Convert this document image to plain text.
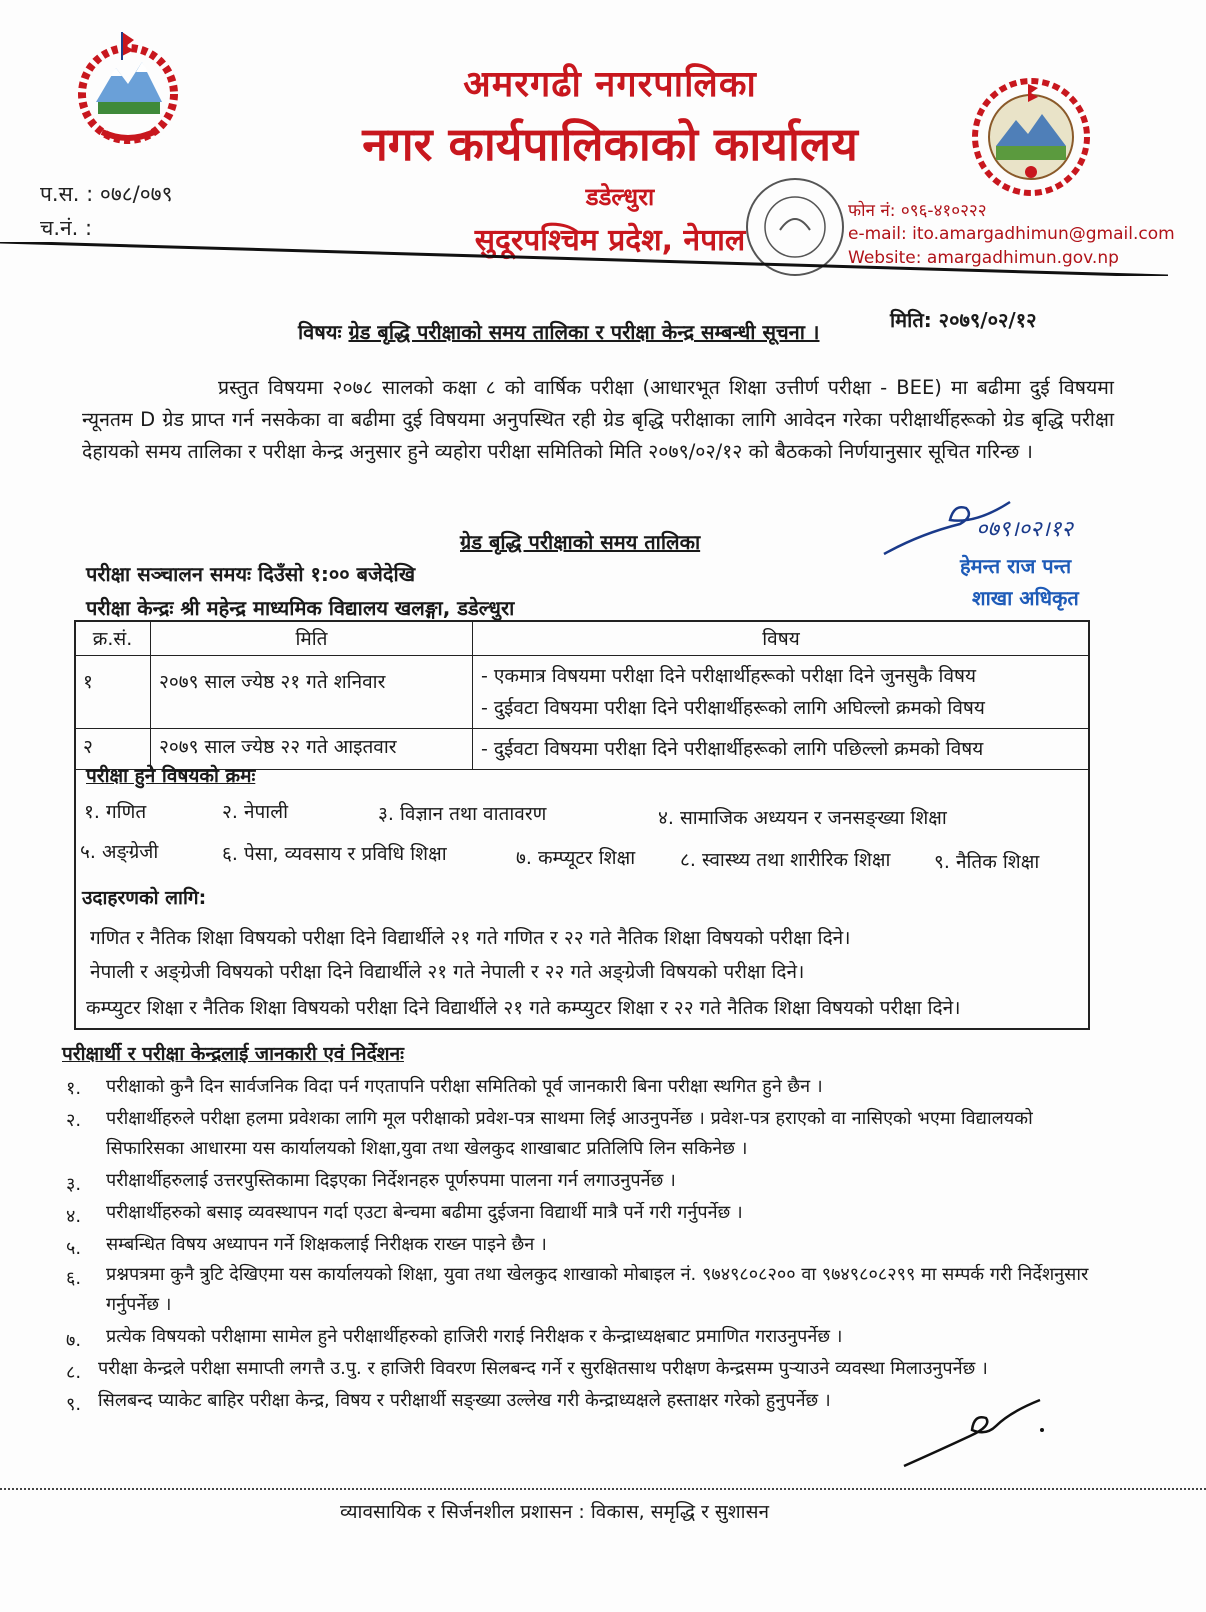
अमरगढी नगरपालिका
नगर कार्यपालिकाको कार्यालय
डडेल्धुरा
सुदूरपश्चिम प्रदेश, नेपाल
प.स. : ०७८/०७९
च.नं. :
फोन नं: ०९६-४१०२२२
e-mail: ito.amargadhimun@gmail.com
Website: amargadhimun.gov.np
मिति: २०७९/०२/१२
विषयः ग्रेड बृद्धि परीक्षाको समय तालिका र परीक्षा केन्द्र सम्बन्धी सूचना ।

प्रस्तुत विषयमा २०७८ सालको कक्षा ८ को वार्षिक परीक्षा (आधारभूत शिक्षा उत्तीर्ण परीक्षा - BEE) मा बढीमा दुई विषयमा न्यूनतम D ग्रेड प्राप्त गर्न नसकेका वा बढीमा दुई विषयमा अनुपस्थित रही ग्रेड बृद्धि परीक्षाका लागि आवेदन गरेका परीक्षार्थीहरूको ग्रेड बृद्धि परीक्षा देहायको समय तालिका र परीक्षा केन्द्र अनुसार हुने व्यहोरा परीक्षा समितिको मिति २०७९/०२/१२ को बैठकको निर्णयानुसार सूचित गरिन्छ ।

ग्रेड बृद्धि परीक्षाको समय तालिका
परीक्षा सञ्चालन समयः दिउँसो १:०० बजेदेखि
परीक्षा केन्द्रः श्री महेन्द्र माध्यमिक विद्यालय खलङ्गा, डडेल्धुरा
०७९।०२।१२
हेमन्त राज पन्त
शाखा अधिकृत
क्र.सं.	मिति	विषय
१	२०७९ साल ज्येष्ठ २१ गते शनिवार	- एकमात्र विषयमा परीक्षा दिने परीक्षार्थीहरूको परीक्षा दिने जुनसुकै विषय
- दुईवटा विषयमा परीक्षा दिने परीक्षार्थीहरूको लागि अघिल्लो क्रमको विषय

२	२०७९ साल ज्येष्ठ २२ गते आइतवार	- दुईवटा विषयमा परीक्षा दिने परीक्षार्थीहरूको लागि पछिल्लो क्रमको विषय
परीक्षा हुने विषयको क्रमः
१. गणित	२. नेपाली	३. विज्ञान तथा वातावरण	४. सामाजिक अध्ययन र जनसङ्ख्या शिक्षा
५. अङ्ग्रेजी	६. पेसा, व्यवसाय र प्रविधि शिक्षा	७. कम्प्यूटर शिक्षा ८. स्वास्थ्य तथा शारीरिक शिक्षा ९. नैतिक शिक्षा
उदाहरणको लागि:
गणित र नैतिक शिक्षा विषयको परीक्षा दिने विद्यार्थीले २१ गते गणित र २२ गते नैतिक शिक्षा विषयको परीक्षा दिने।
नेपाली र अङ्ग्रेजी विषयको परीक्षा दिने विद्यार्थीले २१ गते नेपाली र २२ गते अङ्ग्रेजी विषयको परीक्षा दिने।
कम्प्युटर शिक्षा र नैतिक शिक्षा विषयको परीक्षा दिने विद्यार्थीले २१ गते कम्प्युटर शिक्षा र २२ गते नैतिक शिक्षा विषयको परीक्षा दिने।
परीक्षार्थी र परीक्षा केन्द्रलाई जानकारी एवं निर्देशनः
१. परीक्षाको कुनै दिन सार्वजनिक विदा पर्न गएतापनि परीक्षा समितिको पूर्व जानकारी बिना परीक्षा स्थगित हुने छैन ।
२. परीक्षार्थीहरुले परीक्षा हलमा प्रवेशका लागि मूल परीक्षाको प्रवेश-पत्र साथमा लिई आउनुपर्नेछ । प्रवेश-पत्र हराएको वा नासिएको भएमा विद्यालयको सिफारिसका आधारमा यस कार्यालयको शिक्षा,युवा तथा खेलकुद शाखाबाट प्रतिलिपि लिन सकिनेछ ।
३. परीक्षार्थीहरुलाई उत्तरपुस्तिकामा दिइएका निर्देशनहरु पूर्णरुपमा पालना गर्न लगाउनुपर्नेछ ।
४. परीक्षार्थीहरुको बसाइ व्यवस्थापन गर्दा एउटा बेन्चमा बढीमा दुईजना विद्यार्थी मात्रै पर्ने गरी गर्नुपर्नेछ ।
५. सम्बन्धित विषय अध्यापन गर्ने शिक्षकलाई निरीक्षक राख्न पाइने छैन ।
६. प्रश्नपत्रमा कुनै त्रुटि देखिएमा यस कार्यालयको शिक्षा, युवा तथा खेलकुद शाखाको मोबाइल नं. ९७४९८०८२०० वा ९७४९८०८२९९ मा सम्पर्क गरी निर्देशनुसार गर्नुपर्नेछ ।
७. प्रत्येक विषयको परीक्षामा सामेल हुने परीक्षार्थीहरुको हाजिरी गराई निरीक्षक र केन्द्राध्यक्षबाट प्रमाणित गराउनुपर्नेछ ।
८. परीक्षा केन्द्रले परीक्षा समाप्ती लगत्तै उ.पु. र हाजिरी विवरण सिलबन्द गर्ने र सुरक्षितसाथ परीक्षण केन्द्रसम्म पुर्‍याउने व्यवस्था मिलाउनुपर्नेछ ।
९. सिलबन्द प्याकेट बाहिर परीक्षा केन्द्र, विषय र परीक्षार्थी सङ्ख्या उल्लेख गरी केन्द्राध्यक्षले हस्ताक्षर गरेको हुनुपर्नेछ ।
व्यावसायिक र सिर्जनशील प्रशासन : विकास, समृद्धि र सुशासन
